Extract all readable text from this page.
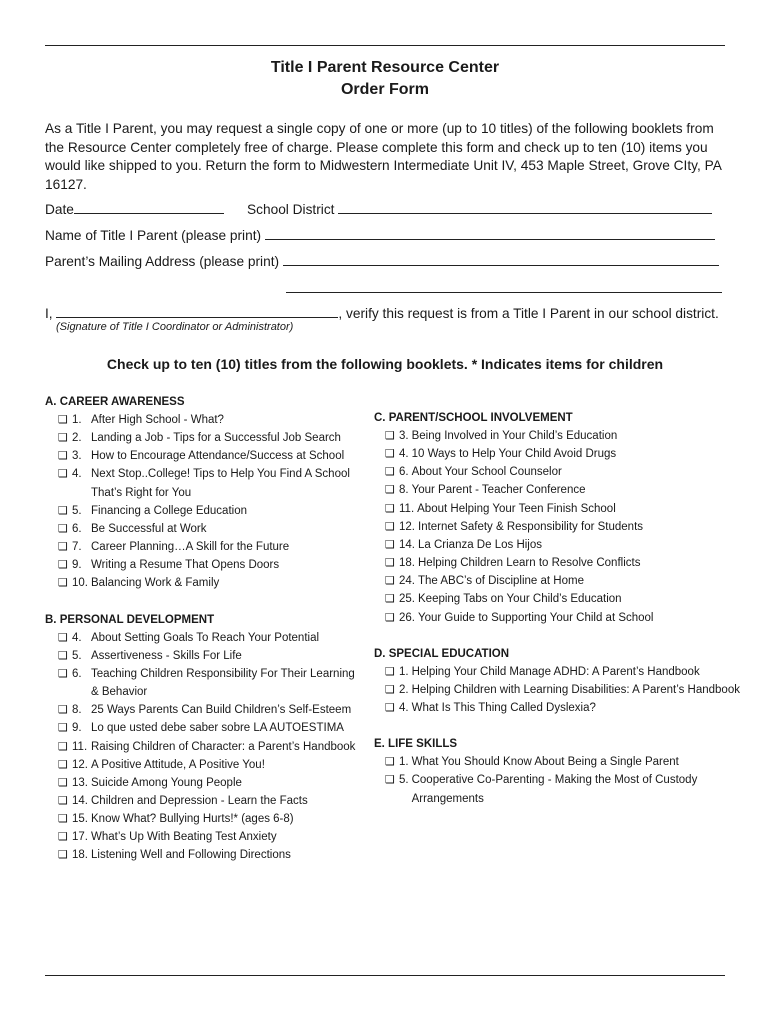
Title I Parent Resource Center
Order Form
As a Title I Parent, you may request a single copy of one or more (up to 10 titles) of the following booklets from the Resource Center completely free of charge. Please complete this form and check up to ten (10) items you would like shipped to you. Return the form to Midwestern Intermediate Unit IV, 453 Maple Street, Grove CIty, PA 16127.
Date	School District
Name of Title I Parent (please print)
Parent’s Mailing Address (please print)
I,	, verify this request is from a Title I Parent in our school district.
(Signature of Title I Coordinator or Administrator)
Check up to ten (10) titles from the following booklets. * Indicates items for children
A. CAREER AWARENESS
❑ 1. After High School - What?
❑ 2. Landing a Job - Tips for a Successful Job Search
❑ 3. How to Encourage Attendance/Success at School
❑ 4. Next Stop..College! Tips to Help You Find A School That’s Right for You
❑ 5. Financing a College Education
❑ 6. Be Successful at Work
❑ 7. Career Planning…A Skill for the Future
❑ 9. Writing a Resume That Opens Doors
❑ 10. Balancing Work & Family
B. PERSONAL DEVELOPMENT
❑ 4. About Setting Goals To Reach Your Potential
❑ 5. Assertiveness - Skills For Life
❑ 6. Teaching Children Responsibility For Their Learning & Behavior
❑ 8. 25 Ways Parents Can Build Children’s Self-Esteem
❑ 9. Lo que usted debe saber sobre LA AUTOESTIMA
❑ 11. Raising Children of Character: a Parent’s Handbook
❑ 12. A Positive Attitude, A Positive You!
❑ 13. Suicide Among Young People
❑ 14. Children and Depression - Learn the Facts
❑ 15. Know What? Bullying Hurts!* (ages 6-8)
❑ 17. What’s Up With Beating Test Anxiety
❑ 18. Listening Well and Following Directions
C. PARENT/SCHOOL INVOLVEMENT
❑ 3. Being Involved in Your Child’s Education
❑ 4. 10 Ways to Help Your Child Avoid Drugs
❑ 6. About Your School Counselor
❑ 8. Your Parent - Teacher Conference
❑ 11. About Helping Your Teen Finish School
❑ 12. Internet Safety & Responsibility for Students
❑ 14. La Crianza De Los Hijos
❑ 18. Helping Children Learn to Resolve Conflicts
❑ 24. The ABC’s of Discipline at Home
❑ 25. Keeping Tabs on Your Child’s Education
❑ 26. Your Guide to Supporting Your Child at School
D. SPECIAL EDUCATION
❑ 1. Helping Your Child Manage ADHD: A Parent’s Handbook
❑ 2. Helping Children with Learning Disabilities: A Parent’s Handbook
❑ 4. What Is This Thing Called Dyslexia?
E. LIFE SKILLS
❑ 1. What You Should Know About Being a Single Parent
❑ 5. Cooperative Co-Parenting - Making the Most of Custody Arrangements
